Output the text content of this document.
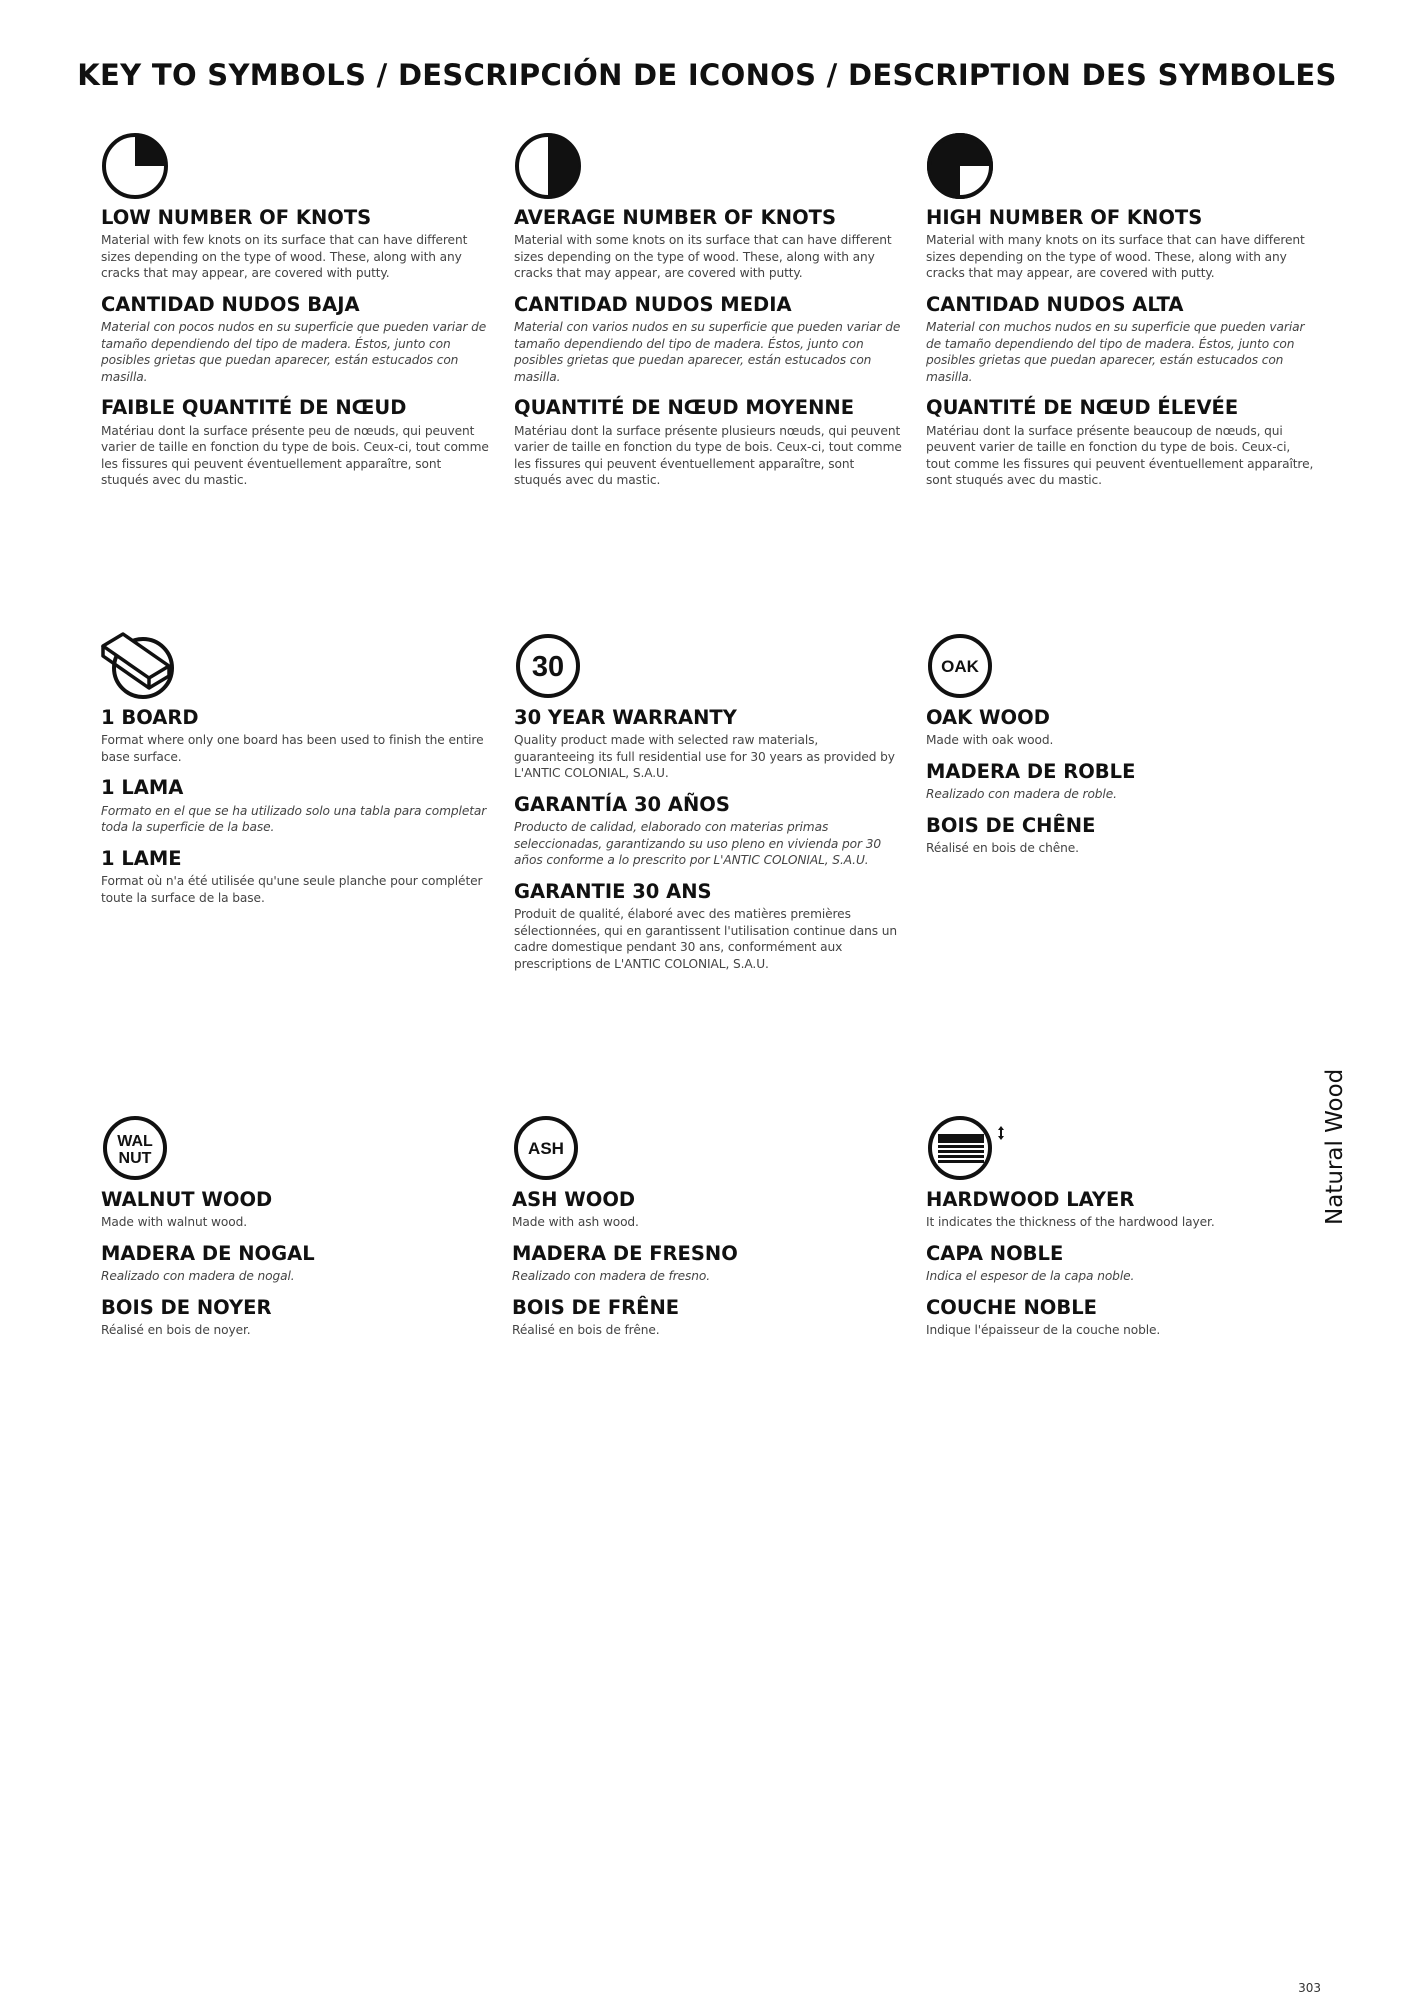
KEY TO SYMBOLS / DESCRIPCIÓN DE ICONOS / DESCRIPTION DES SYMBOLES
LOW NUMBER OF KNOTS
Material with few knots on its surface that can have different sizes depending on the type of wood. These, along with any cracks that may appear, are covered with putty.
CANTIDAD NUDOS BAJA
Material con pocos nudos en su superficie que pueden variar de tamaño dependiendo del tipo de madera. Éstos, junto con posibles grietas que puedan aparecer, están estucados con masilla.
FAIBLE QUANTITÉ DE NŒUD
Matériau dont la surface présente peu de nœuds, qui peuvent varier de taille en fonction du type de bois. Ceux-ci, tout comme les fissures qui peuvent éventuellement apparaître, sont stuqués avec du mastic.
AVERAGE NUMBER OF KNOTS
Material with some knots on its surface that can have different sizes depending on the type of wood. These, along with any cracks that may appear, are covered with putty.
CANTIDAD NUDOS MEDIA
Material con varios nudos en su superficie que pueden variar de tamaño dependiendo del tipo de madera. Éstos, junto con posibles grietas que puedan aparecer, están estucados con masilla.
QUANTITÉ DE NŒUD MOYENNE
Matériau dont la surface présente plusieurs nœuds, qui peuvent varier de taille en fonction du type de bois. Ceux-ci, tout comme les fissures qui peuvent éventuellement apparaître, sont stuqués avec du mastic.
HIGH NUMBER OF KNOTS
Material with many knots on its surface that can have different sizes depending on the type of wood. These, along with any cracks that may appear, are covered with putty.
CANTIDAD NUDOS ALTA
Material con muchos nudos en su superficie que pueden variar de tamaño dependiendo del tipo de madera. Éstos, junto con posibles grietas que puedan aparecer, están estucados con masilla.
QUANTITÉ DE NŒUD ÉLEVÉE
Matériau dont la surface présente beaucoup de nœuds, qui peuvent varier de taille en fonction du type de bois. Ceux-ci, tout comme les fissures qui peuvent éventuellement apparaître, sont stuqués avec du mastic.
1 BOARD
Format where only one board has been used to finish the entire base surface.
1 LAMA
Formato en el que se ha utilizado solo una tabla para completar toda la superficie de la base.
1 LAME
Format où n'a été utilisée qu'une seule planche pour compléter toute la surface de la base.
30
30 YEAR WARRANTY
Quality product made with selected raw materials, guaranteeing its full residential use for 30 years as provided by L'ANTIC COLONIAL, S.A.U.
GARANTÍA 30 AÑOS
Producto de calidad, elaborado con materias primas seleccionadas, garantizando su uso pleno en vivienda por 30 años conforme a lo prescrito por L'ANTIC COLONIAL, S.A.U.
GARANTIE 30 ANS
Produit de qualité, élaboré avec des matières premières sélectionnées, qui en garantissent l'utilisation continue dans un cadre domestique pendant 30 ans, conformément aux prescriptions de L'ANTIC COLONIAL, S.A.U.
OAK
OAK WOOD
Made with oak wood.
MADERA DE ROBLE
Realizado con madera de roble.
BOIS DE CHÊNE
Réalisé en bois de chêne.
WAL
NUT
WALNUT WOOD
Made with walnut wood.
MADERA DE NOGAL
Realizado con madera de nogal.
BOIS DE NOYER
Réalisé en bois de noyer.
ASH
ASH WOOD
Made with ash wood.
MADERA DE FRESNO
Realizado con madera de fresno.
BOIS DE FRÊNE
Réalisé en bois de frêne.
HARDWOOD LAYER
It indicates the thickness of the hardwood layer.
CAPA NOBLE
Indica el espesor de la capa noble.
COUCHE NOBLE
Indique l'épaisseur de la couche noble.
Natural Wood
303
